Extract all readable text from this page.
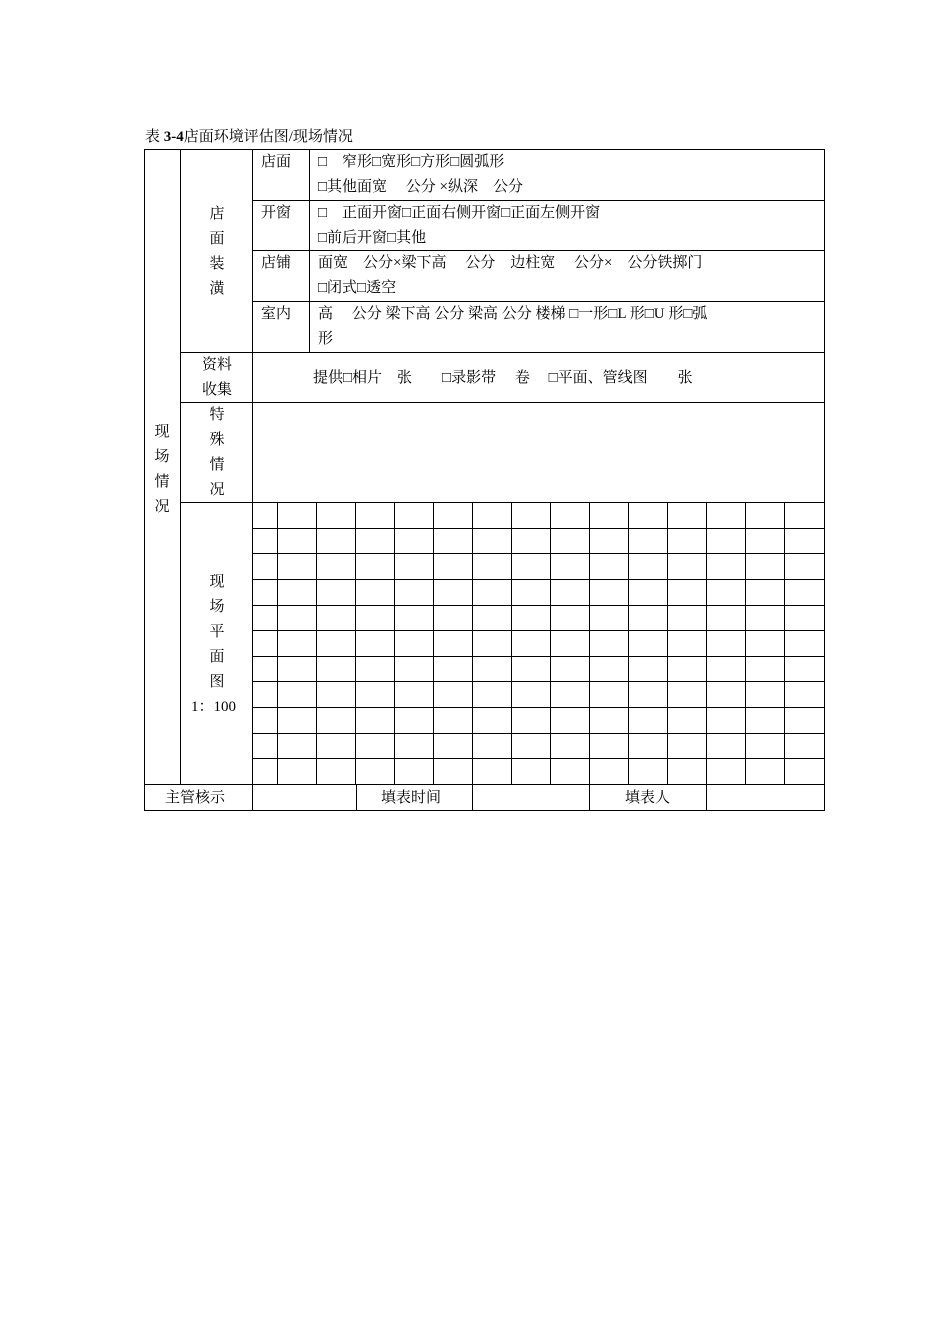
表 3-4店面环境评估图/现场情况
现
场
情
况
店
面
装
潢
店面 □　窄形□宽形□方形□圆弧形
□其他面宽　 公分 ×纵深　公分
开窗 □　正面开窗□正面右侧开窗□正面左侧开窗
□前后开窗□其他
店铺 面宽　公分×梁下高　 公分　边柱宽　 公分×　公分铁掷门
□闭式□透空
室内 高　 公分 梁下高 公分 梁高 公分 楼梯 □一形□L 形□U 形□弧
形
资料
收集
提供□相片　张　　□录影带　 卷　 □平面、管线图　　张
特
殊
情
况
现
场
平
面
图
1：100
主管核示	填表时间	填表人
